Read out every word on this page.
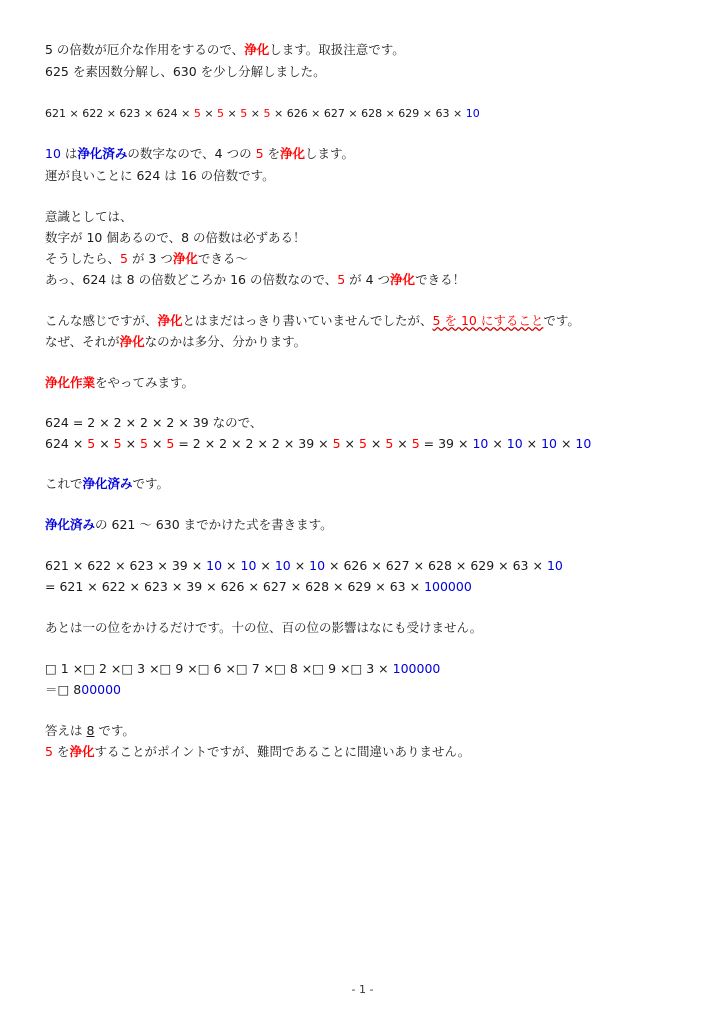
5 の倍数が厄介な作用をするので、浄化します。取扱注意です。
625 を素因数分解し、630 を少し分解しました。
621 × 622 × 623 × 624 × 5 × 5 × 5 × 5 × 626 × 627 × 628 × 629 × 63 × 10
10 は浄化済みの数字なので、4 つの 5 を浄化します。
運が良いことに 624 は 16 の倍数です。
意識としては、
数字が 10 個あるので、8 の倍数は必ずある！
そうしたら、5 が 3 つ浄化できる～
あっ、624 は 8 の倍数どころか 16 の倍数なので、5 が 4 つ浄化できる！
こんな感じですが、浄化とはまだはっきり書いていませんでしたが、5 を 10 にすることです。
なぜ、それが浄化なのかは多分、分かります。
浄化作業をやってみます。
624 = 2 × 2 × 2 × 2 × 39 なので、
624 × 5 × 5 × 5 × 5 = 2 × 2 × 2 × 2 × 39 × 5 × 5 × 5 × 5 = 39 × 10 × 10 × 10 × 10
これで浄化済みです。
浄化済みの 621 ～ 630 までかけた式を書きます。
621 × 622 × 623 × 39 × 10 × 10 × 10 × 10 × 626 × 627 × 628 × 629 × 63 × 10
= 621 × 622 × 623 × 39 × 626 × 627 × 628 × 629 × 63 × 100000
あとは一の位をかけるだけです。十の位、百の位の影響はなにも受けません。
□ 1 ×□ 2 ×□ 3 ×□ 9 ×□ 6 ×□ 7 ×□ 8 ×□ 9 ×□ 3 × 100000
＝□ 800000
答えは 8 です。
5 を浄化することがポイントですが、難問であることに間違いありません。
- 1 -
